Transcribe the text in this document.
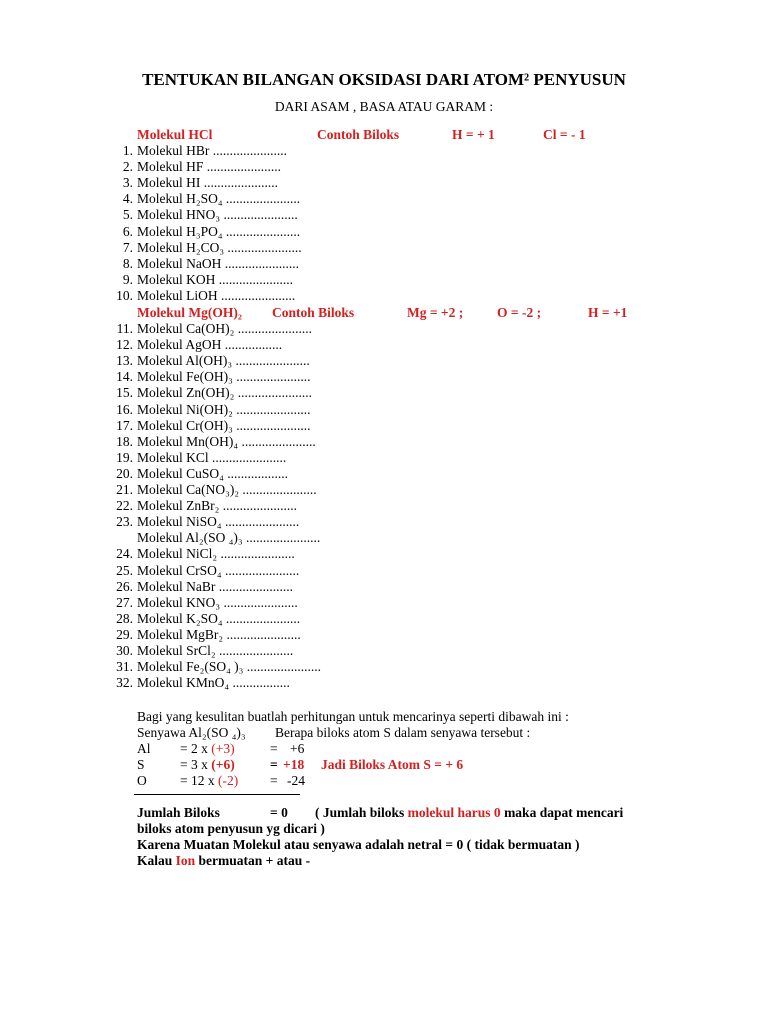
TENTUKAN BILANGAN OKSIDASI DARI ATOM² PENYUSUN
DARI ASAM , BASA ATAU GARAM :
Molekul HCl	Contoh Biloks	H = + 1	Cl = - 1
1. Molekul HBr ......................
2. Molekul HF ......................
3. Molekul HI ......................
4. Molekul H₂SO₄ ......................
5. Molekul HNO₃ ......................
6. Molekul H₃PO₄ ......................
7. Molekul H₂CO₃ ......................
8. Molekul NaOH ......................
9. Molekul KOH ......................
10. Molekul LiOH ......................
Molekul Mg(OH)₂ Contoh Biloks	Mg = +2 ;	O = -2 ;	H = +1
11. Molekul Ca(OH)₂ ......................
12. Molekul AgOH .................
13. Molekul Al(OH)₃ ......................
14. Molekul Fe(OH)₃ ......................
15. Molekul Zn(OH)₂ ......................
16. Molekul Ni(OH)₂ ......................
17. Molekul Cr(OH)₃ ......................
18. Molekul Mn(OH)₄ ......................
19. Molekul KCl ......................
20. Molekul CuSO₄ ..................
21. Molekul Ca(NO₃)₂ ......................
22. Molekul ZnBr₂ ......................
23. Molekul NiSO₄ ......................
Molekul Al₂(SO ₄)₃ ......................
24. Molekul NiCl₂ ......................
25. Molekul CrSO₄ ......................
26. Molekul NaBr ......................
27. Molekul KNO₃ ......................
28. Molekul K₂SO₄ ......................
29. Molekul MgBr₂ ......................
30. Molekul SrCl₂ ......................
31. Molekul Fe₂(SO₄ )₃ ......................
32. Molekul KMnO₄ .................
Bagi yang kesulitan buatlah perhitungan untuk mencarinya seperti dibawah ini :
Senyawa Al₂(SO ₄)₃ Berapa biloks atom S dalam senyawa tersebut :
Al = 2 x (+3)	= +6
S	= 3 x (+6)	= +18 Jadi Biloks Atom S = + 6
O = 12 x (-2) = -24
Jumlah Biloks	= 0 ( Jumlah biloks molekul harus 0 maka dapat mencari
biloks atom penyusun yg dicari )
Karena Muatan Molekul atau senyawa adalah netral = 0 ( tidak bermuatan )
Kalau Ion bermuatan + atau -
